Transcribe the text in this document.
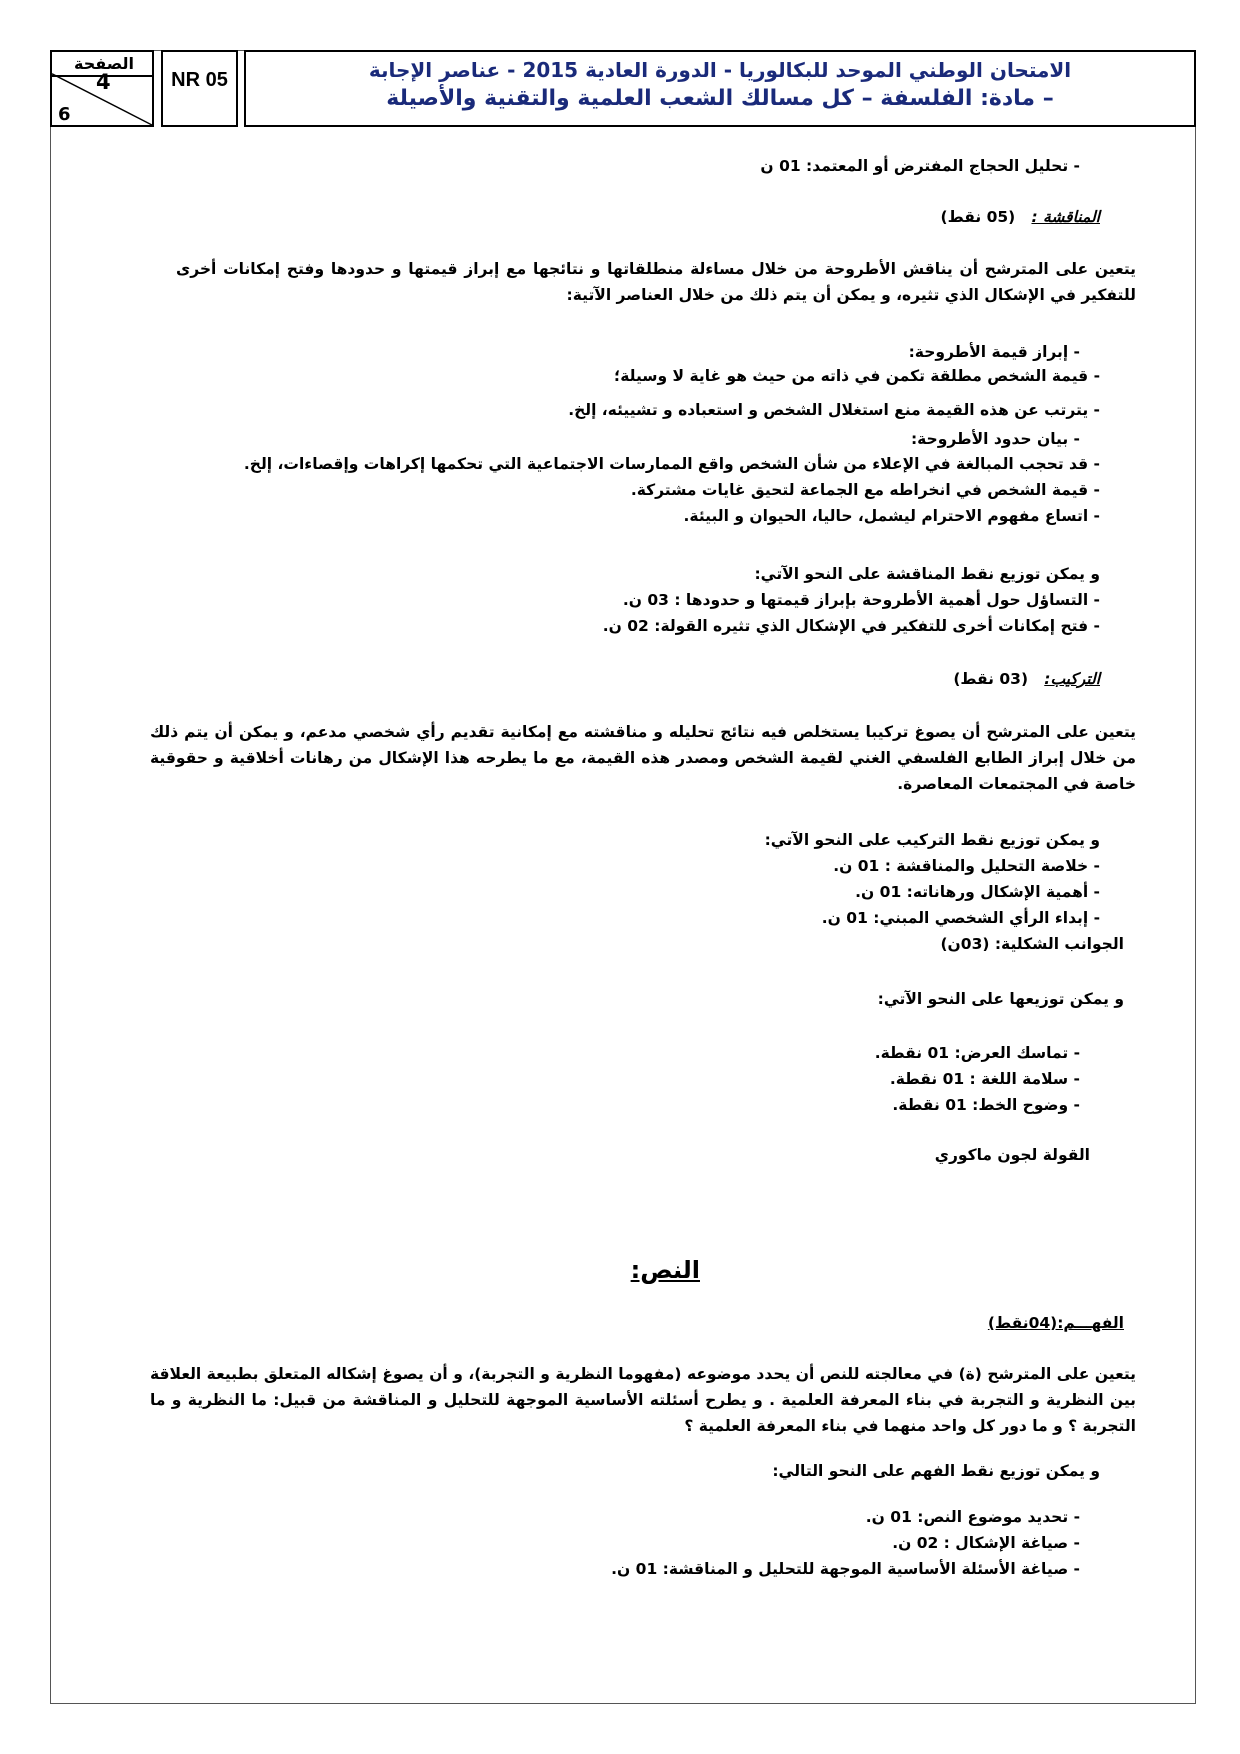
الصفحة
4
6
NR 05	الامتحان الوطني الموحد للبكالوريا - الدورة العادية 2015 - عناصر الإجابة
– مادة: الفلسفة – كل مسالك الشعب العلمية والتقنية والأصيلة
- تحليل الحجاج المفترض أو المعتمد: 01 ن
المناقشة :   (05 نقط)
يتعين على المترشح أن يناقش الأطروحة من خلال مساءلة منطلقاتها و نتائجها مع إبراز قيمتها و حدودها وفتح إمكانات أخرى للتفكير في الإشكال الذي تثيره، و يمكن أن يتم ذلك من خلال العناصر الآتية:
- إبراز قيمة الأطروحة:
- قيمة الشخص مطلقة تكمن في ذاته من حيث هو غاية لا وسيلة؛
- يترتب عن هذه القيمة منع استغلال الشخص و استعباده و تشييئه، إلخ.
- بيان حدود الأطروحة:
- قد تحجب المبالغة في الإعلاء من شأن الشخص واقع الممارسات الاجتماعية التي تحكمها إكراهات وإقصاءات، إلخ.
- قيمة الشخص في انخراطه مع الجماعة لتحيق غايات مشتركة.
- اتساع مفهوم الاحترام ليشمل، حاليا، الحيوان و البيئة.
و يمكن توزيع نقط المناقشة على النحو الآتي:
- التساؤل حول أهمية الأطروحة بإبراز قيمتها و حدودها : 03 ن.
- فتح إمكانات أخرى للتفكير في الإشكال الذي تثيره القولة: 02 ن.
التركيب:   (03 نقط)
يتعين على المترشح أن يصوغ تركيبا يستخلص فيه نتائج تحليله و مناقشته مع إمكانية تقديم رأي شخصي مدعم، و يمكن أن يتم ذلك من خلال إبراز الطابع الفلسفي الغني لقيمة الشخص ومصدر هذه القيمة، مع ما يطرحه هذا الإشكال من رهانات أخلاقية و حقوقية خاصة في المجتمعات المعاصرة.
و يمكن توزيع نقط التركيب على النحو الآتي:
- خلاصة التحليل والمناقشة : 01 ن.
- أهمية الإشكال ورهاناته: 01 ن.
- إبداء الرأي الشخصي المبني: 01 ن.
الجوانب الشكلية: (03ن)
و يمكن توزيعها على النحو الآتي:
- تماسك العرض: 01 نقطة.
- سلامة اللغة : 01 نقطة.
- وضوح الخط: 01 نقطة.
القولة لجون ماكوري
النص:
الفهـــم:(04نقط)
يتعين على المترشح (ة) في معالجته للنص أن يحدد موضوعه (مفهوما النظرية و التجربة)، و أن يصوغ إشكاله المتعلق بطبيعة العلاقة بين النظرية و التجربة في بناء المعرفة العلمية . و يطرح أسئلته الأساسية الموجهة للتحليل و المناقشة من قبيل: ما النظرية و ما التجربة ؟ و ما دور كل واحد منهما في بناء المعرفة العلمية ؟
و يمكن توزيع نقط الفهم على النحو التالي:
- تحديد موضوع النص: 01 ن.
- صياغة الإشكال : 02 ن.
- صياغة الأسئلة الأساسية الموجهة للتحليل و المناقشة: 01 ن.
